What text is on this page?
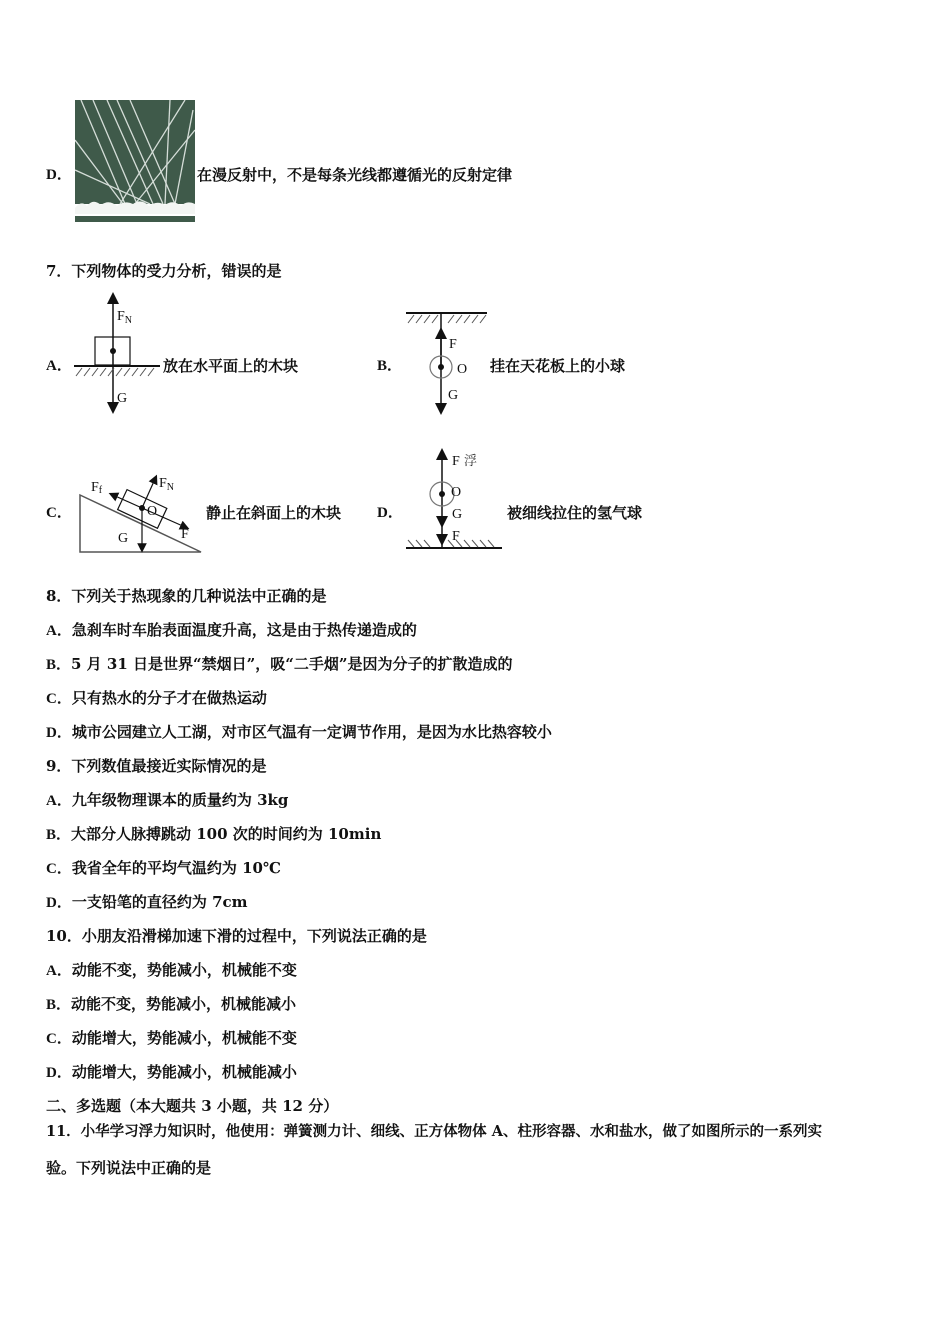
D．	在漫反射中，不是每条光线都遵循光的反射定律
7．下列物体的受力分析，错误的是
A．
$F_N$
G
放在水平面上的木块	B．
F
O
G
挂在天花板上的小球
C．
Ff	$F_N$
O
G	F
静止在斜面上的木块 D．
F 浮
O
G
F
被细线拉住的氢气球
8．下列关于热现象的几种说法中正确的是
A．急刹车时车胎表面温度升高，这是由于热传递造成的
B．5 月 31 日是世界“禁烟日”，吸“二手烟”是因为分子的扩散造成的
C．只有热水的分子才在做热运动
D．城市公园建立人工湖，对市区气温有一定调节作用，是因为水比热容较小
9．下列数值最接近实际情况的是
A．九年级物理课本的质量约为 3kg
B．大部分人脉搏跳动 100 次的时间约为 10min
C．我省全年的平均气温约为 10℃
D．一支铅笔的直径约为 7cm
10．小朋友沿滑梯加速下滑的过程中，下列说法正确的是
A．动能不变，势能减小，机械能不变
B．动能不变，势能减小，机械能减小
C．动能增大，势能减小，机械能不变
D．动能增大，势能减小，机械能减小
二、多选题（本大题共 3 小题，共 12 分）
11．小华学习浮力知识时，他使用：弹簧测力计、细线、正方体物体 A、柱形容器、水和盐水，做了如图所示的一系列实
验。下列说法中正确的是
